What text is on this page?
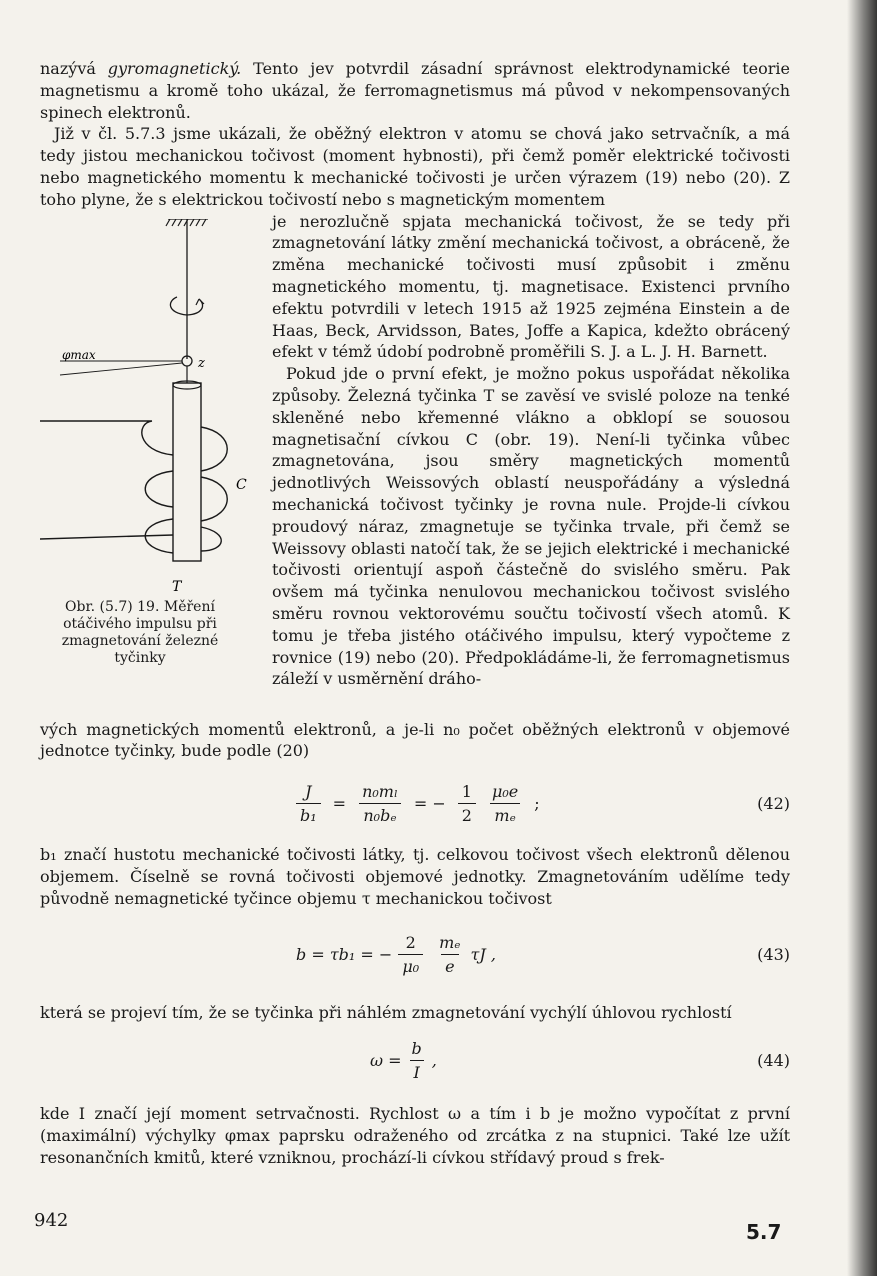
nazývá gyromagnetický. Tento jev potvrdil zásadní správnost elektrodynamické teorie magnetismu a kromě toho ukázal, že ferromagnetismus má původ v nekompensovaných spinech elektronů.

Již v čl. 5.7.3 jsme ukázali, že oběžný elektron v atomu se chová jako setrvačník, a má tedy jistou mechanickou točivost (moment hybnosti), při čemž poměr elektrické točivosti nebo magnetického momentu k mechanické točivosti je určen výrazem (19) nebo (20). Z toho plyne, že s elektrickou točivostí nebo s magnetickým momentem

φmax
z
C
T
Obr. (5.7) 19. Měření otáčivého impulsu při zmagnetování železné tyčinky

je nerozlučně spjata mechanická točivost, že se tedy při zmagnetování látky změní mechanická točivost, a obráceně, že změna mechanické točivosti musí způsobit i změnu magnetického momentu, tj. magnetisace. Existenci prvního efektu potvrdili v letech 1915 až 1925 zejména Einstein a de Haas, Beck, Arvidsson, Bates, Joffe a Kapica, kdežto obrácený efekt v témž údobí podrobně proměřili S. J. a L. J. H. Barnett.

Pokud jde o první efekt, je možno pokus uspořádat několika způsoby. Železná tyčinka T se zavěsí ve svislé poloze na tenké skleněné nebo křemenné vlákno a obklopí se souosou magnetisační cívkou C (obr. 19). Není-li tyčinka vůbec zmagnetována, jsou směry magnetických momentů jednotlivých Weissových oblastí neuspořádány a výsledná mechanická točivost tyčinky je rovna nule. Projde-li cívkou proudový náraz, zmagnetuje se tyčinka trvale, při čemž se Weissovy oblasti natočí tak, že se jejich elektrické i mechanické točivosti orientují aspoň částečně do svislého směru. Pak ovšem má tyčinka nenulovou mechanickou točivost svislého směru rovnou vektorovému součtu točivostí všech atomů. K tomu je třeba jistého otáčivého impulsu, který vypočteme z rovnice (19) nebo (20). Předpokládáme-li, že ferromagnetismus záleží v usměrnění dráho-

vých magnetických momentů elektronů, a je-li n₀ počet oběžných elektronů v objemové jednotce tyčinky, bude podle (20)

$\frac{J}{\text{b₁}} = \frac{\text{n₀mₗ}}{\text{n₀bₑ}}$ = − $\frac{1}{2} \frac{\text{μ₀e}}{\text{mₑ}}$ ;	(42)

b₁ značí hustotu mechanické točivosti látky, tj. celkovou točivost všech elektronů dělenou objemem. Číselně se rovná točivosti objemové jednotky. Zmagnetováním udělíme tedy původně nemagnetické tyčince objemu τ mechanickou točivost

b = τb₁ = − $\frac{2}{\text{μ₀}} \frac{\text{mₑ}}{e}$ τJ ,	(43)

která se projeví tím, že se tyčinka při náhlém zmagnetování vychýlí úhlovou rychlostí

$\omega = \frac{b}{I}$ ,	(44)

kde I značí její moment setrvačnosti. Rychlost ω a tím i b je možno vypočítat z první (maximální) výchylky φmax paprsku odraženého od zrcátka z na stupnici. Také lze užít resonančních kmitů, které vzniknou, prochází-li cívkou střídavý proud s frek-

942	5.7
